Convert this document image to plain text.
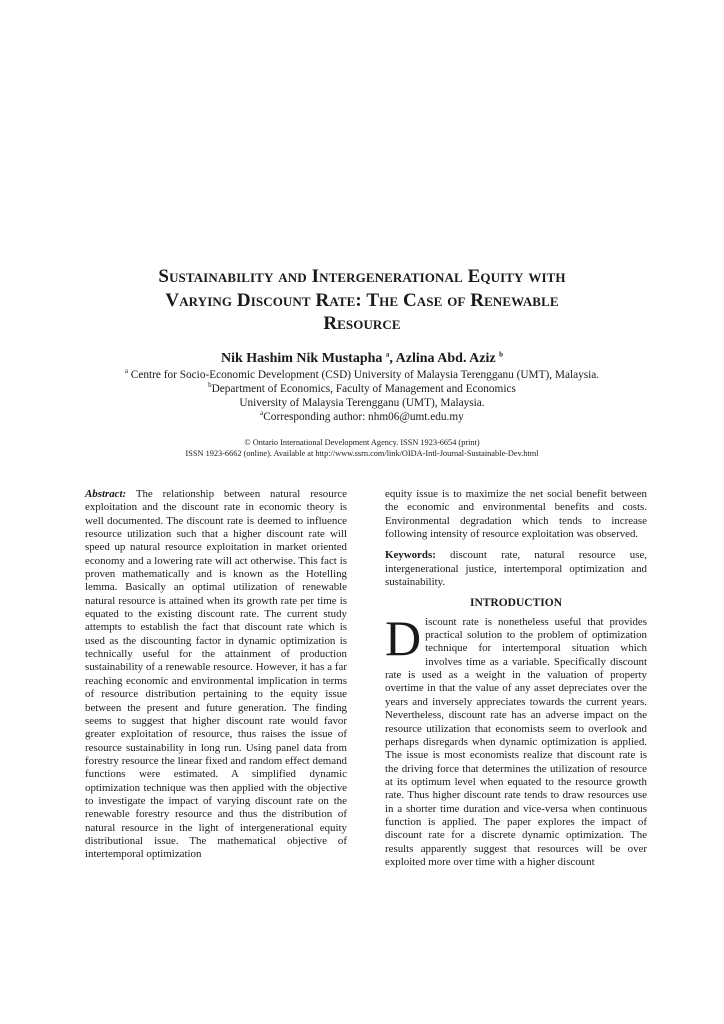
Sustainability and Intergenerational Equity with
Varying Discount Rate: The Case of Renewable
Resource
Nik Hashim Nik Mustapha $^a$, Azlina Abd. Aziz $^b$
$^a$ Centre for Socio-Economic Development (CSD) University of Malaysia Terengganu (UMT), Malaysia.
$^b$Department of Economics, Faculty of Management and Economics
University of Malaysia Terengganu (UMT), Malaysia.
$^a$Corresponding author: nhm06@umt.edu.my
© Ontario International Development Agency. ISSN 1923-6654 (print)
ISSN 1923-6662 (online). Available at http://www.ssrn.com/link/OIDA-Intl-Journal-Sustainable-Dev.html

Abstract: The relationship between natural resource exploitation and the discount rate in economic theory is well documented. The discount rate is deemed to influence resource utilization such that a higher discount rate will speed up natural resource exploitation in market oriented economy and a lowering rate will act otherwise. This fact is proven mathematically and is known as the Hotelling lemma. Basically an optimal utilization of renewable natural resource is attained when its growth rate per time is equated to the existing discount rate. The current study attempts to establish the fact that discount rate which is used as the discounting factor in dynamic optimization is technically useful for the attainment of production sustainability of a renewable resource. However, it has a far reaching economic and environmental implication in terms of resource distribution pertaining to the equity issue between the present and future generation. The finding seems to suggest that higher discount rate would favor greater exploitation of resource, thus raises the issue of resource sustainability in long run. Using panel data from forestry resource the linear fixed and random effect demand functions were estimated. A simplified dynamic optimization technique was then applied with the objective to investigate the impact of varying discount rate on the renewable forestry resource and thus the distribution of natural resource in the light of intergenerational equity distributional issue. The mathematical objective of intertemporal optimization

equity issue is to maximize the net social benefit between the economic and environmental benefits and costs. Environmental degradation which tends to increase following intensity of resource exploitation was observed.

Keywords: discount rate, natural resource use, intergenerational justice, intertemporal optimization and sustainability.

INTRODUCTION

Discount rate is nonetheless useful that provides practical solution to the problem of optimization technique for intertemporal situation which involves time as a variable. Specifically discount rate is used as a weight in the valuation of property overtime in that the value of any asset depreciates over the years and inversely appreciates towards the current years. Nevertheless, discount rate has an adverse impact on the resource utilization that economists seem to overlook and perhaps disregards when dynamic optimization is applied. The issue is most economists realize that discount rate is the driving force that determines the utilization of resource at its optimum level when equated to the resource growth rate. Thus higher discount rate tends to draw resources use in a shorter time duration and vice-versa when continuous function is applied. The paper explores the impact of discount rate for a discrete dynamic optimization. The results apparently suggest that resources will be over exploited more over time with a higher discount
